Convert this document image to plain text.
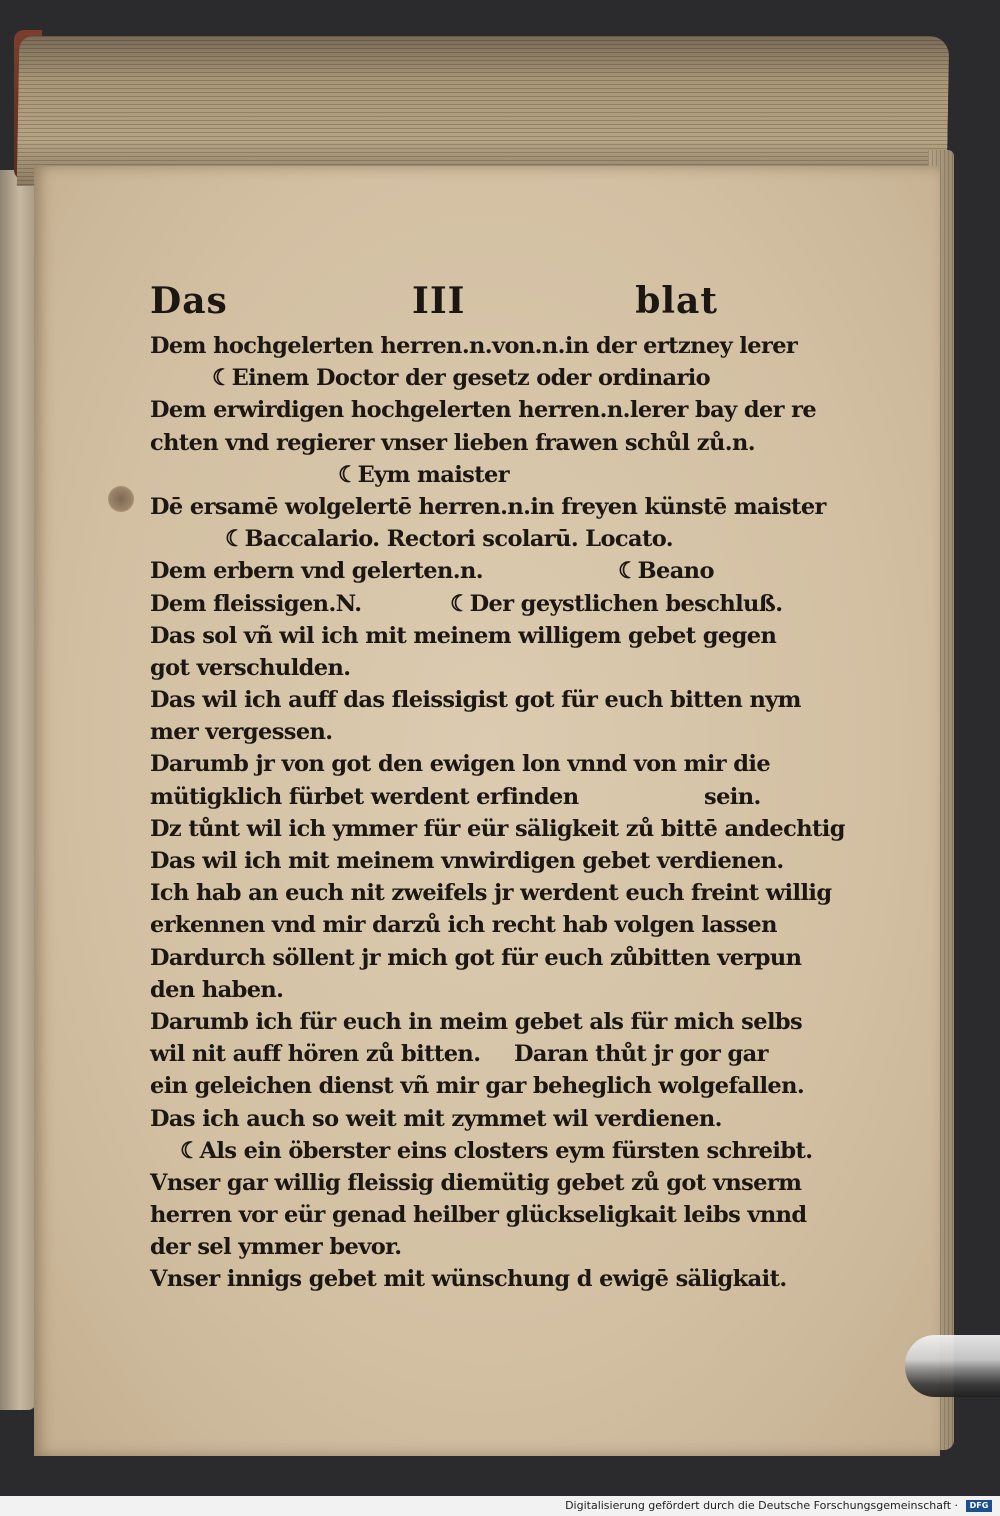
Das	III	blat
Dem hochgelerten herren.n.von.n.in der ertzney lerer
☾Einem Doctor der gesetz oder ordinario
Dem erwirdigen hochgelerten herren.n.lerer bay der re
chten vnd regierer vnser lieben frawen schůl zů.n.
☾Eym maister
Dē ersamē wolgelertē herren.n.in freyen künstē maister
☾Baccalario. Rectori scolarū. Locato.
Dem erbern vnd gelerten.n.	☾Beano
Dem fleissigen.N.	☾Der geystlichen beschluß.
Das sol vñ wil ich mit meinem willigem gebet gegen
got verschulden.
Das wil ich auff das fleissigist got für euch bitten nym
mer vergessen.
Darumb jr von got den ewigen lon vnnd von mir die
mütigklich fürbet werdent erfinden	sein.
Dz tůnt wil ich ymmer für eür säligkeit zů bittē andechtig
Das wil ich mit meinem vnwirdigen gebet verdienen.
Ich hab an euch nit zweifels jr werdent euch freint willig
erkennen vnd mir darzů ich recht hab volgen lassen
Dardurch söllent jr mich got für euch zůbitten verpun
den haben.
Darumb ich für euch in meim gebet als für mich selbs
wil nit auff hören zů bitten. Daran thůt jr gor gar
ein geleichen dienst vñ mir gar beheglich wolgefallen.
Das ich auch so weit mit zymmet wil verdienen.
☾Als ein öberster eins closters eym fürsten schreibt.
Vnser gar willig fleissig diemütig gebet zů got vnserm
herren vor eür genad heilber glückseligkait leibs vnnd
der sel ymmer bevor.
Vnser innigs gebet mit wünschung d ewigē säligkait.
Digitalisierung gefördert durch die Deutsche Forschungsgemeinschaft ·	DFG
